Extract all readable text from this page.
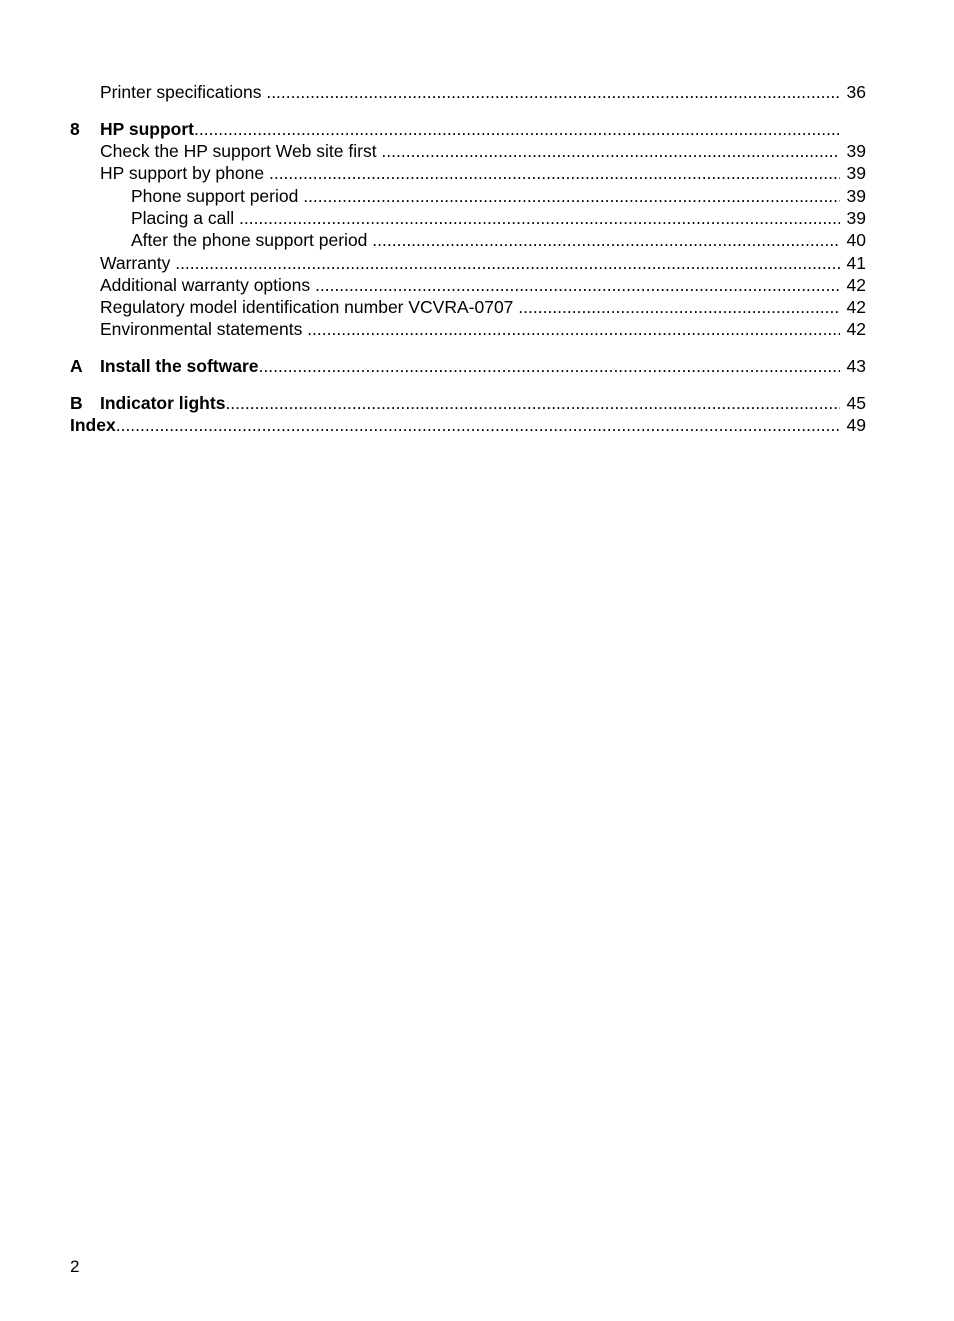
Printer specifications .....	36
8 HP support .....
Check the HP support Web site first .....	39
HP support by phone .....	39
Phone support period .....	39
Placing a call .....	39
After the phone support period .....	40
Warranty .....	41
Additional warranty options .....	42
Regulatory model identification number VCVRA-0707 .....	42
Environmental statements .....	42
A Install the software .....	43
B Indicator lights .....	45
Index .....	49
2
